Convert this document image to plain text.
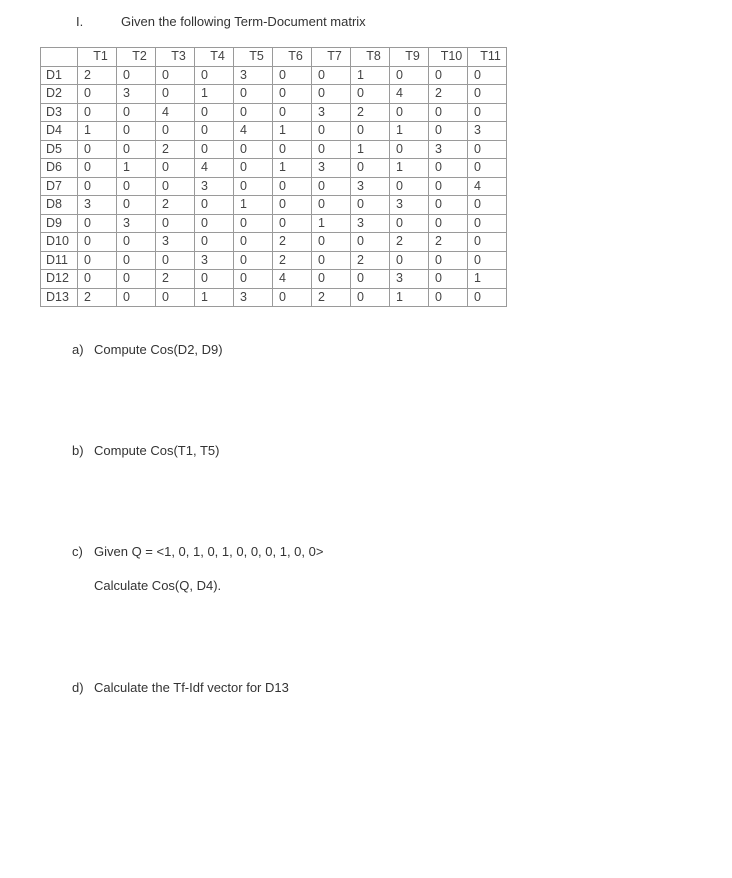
I.	Given the following Term-Document matrix
	T1	T2	T3	T4	T5	T6	T7	T8	T9	T10	T11
D1	2	0	0	0	3	0	0	1	0	0	0
D2	0	3	0	1	0	0	0	0	4	2	0
D3	0	0	4	0	0	0	3	2	0	0	0
D4	1	0	0	0	4	1	0	0	1	0	3
D5	0	0	2	0	0	0	0	1	0	3	0
D6	0	1	0	4	0	1	3	0	1	0	0
D7	0	0	0	3	0	0	0	3	0	0	4
D8	3	0	2	0	1	0	0	0	3	0	0
D9	0	3	0	0	0	0	1	3	0	0	0
D10	0	0	3	0	0	2	0	0	2	2	0
D11	0	0	0	3	0	2	0	2	0	0	0
D12	0	0	2	0	0	4	0	0	3	0	1
D13	2	0	0	1	3	0	2	0	1	0	0
a) Compute Cos(D2, D9)
b) Compute Cos(T1, T5)
c) Given Q = <1, 0, 1, 0, 1, 0, 0, 0, 1, 0, 0>
Calculate Cos(Q, D4).
d) Calculate the Tf-Idf vector for D13
